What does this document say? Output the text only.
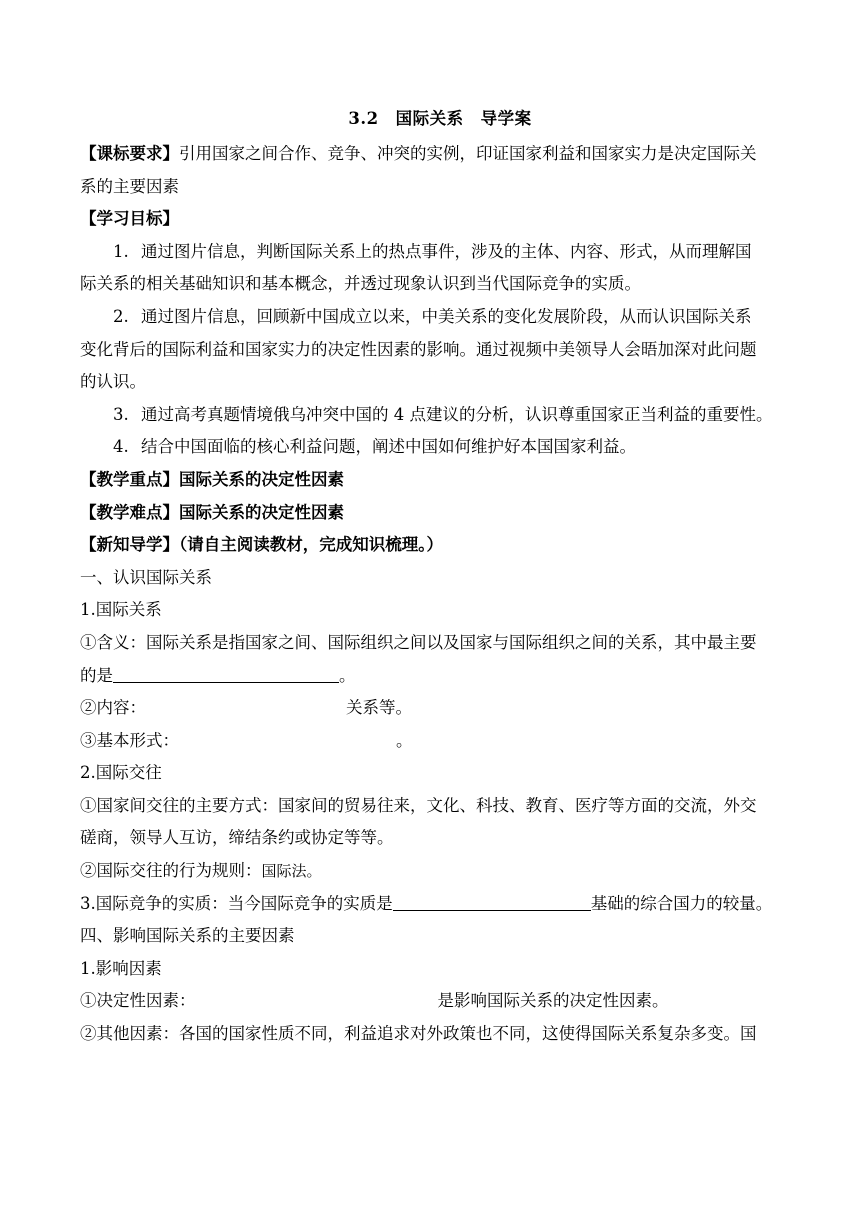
3.2　国际关系　导学案
【课标要求】引用国家之间合作、竞争、冲突的实例，印证国家利益和国家实力是决定国际关
系的主要因素
【学习目标】
1. 通过图片信息，判断国际关系上的热点事件，涉及的主体、内容、形式，从而理解国
际关系的相关基础知识和基本概念，并透过现象认识到当代国际竞争的实质。
2. 通过图片信息，回顾新中国成立以来，中美关系的变化发展阶段，从而认识国际关系
变化背后的国际利益和国家实力的决定性因素的影响。通过视频中美领导人会晤加深对此问题
的认识。
3. 通过高考真题情境俄乌冲突中国的 4 点建议的分析，认识尊重国家正当利益的重要性。
4. 结合中国面临的核心利益问题，阐述中国如何维护好本国国家利益。
【教学重点】国际关系的决定性因素
【教学难点】国际关系的决定性因素
【新知导学】（请自主阅读教材，完成知识梳理。）
一、认识国际关系
1.国际关系
①含义：国际关系是指国家之间、国际组织之间以及国家与国际组织之间的关系，其中最主要
的是	。
②内容：	关系等。
③基本形式：	。
2.国际交往
①国家间交往的主要方式：国家间的贸易往来，文化、科技、教育、医疗等方面的交流，外交
磋商，领导人互访，缔结条约或协定等等。
②国际交往的行为规则：国际法。
3.国际竞争的实质：当今国际竞争的实质是	基础的综合国力的较量。
四、影响国际关系的主要因素
1.影响因素
①决定性因素：	是影响国际关系的决定性因素。
②其他因素：各国的国家性质不同，利益追求对外政策也不同，这使得国际关系复杂多变。国
